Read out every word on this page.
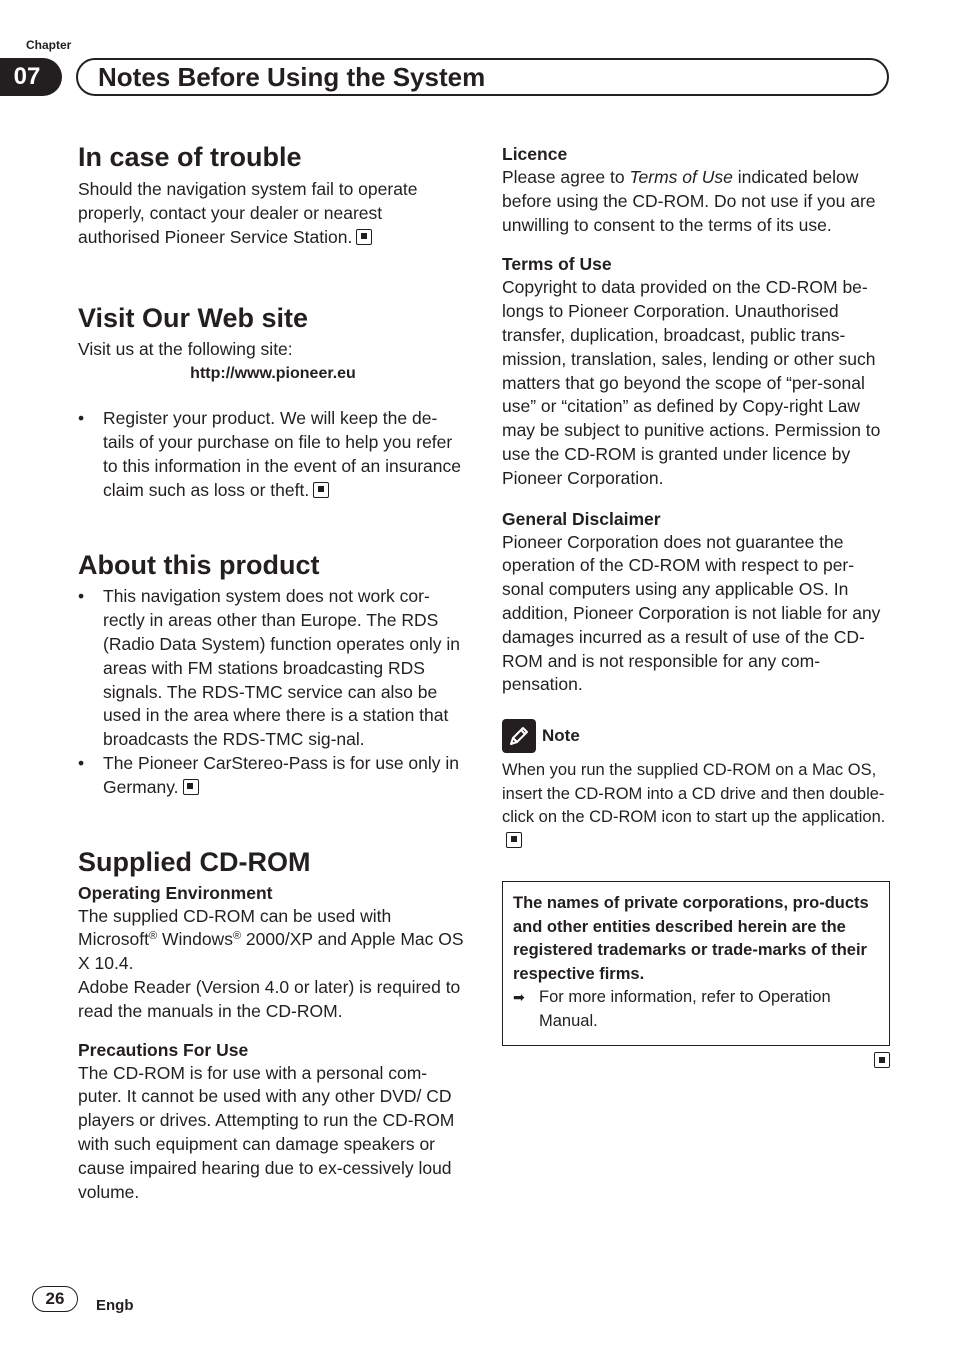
Chapter
07	Notes Before Using the System
In case of trouble

Should the navigation system fail to operate properly, contact your dealer or nearest authorised Pioneer Service Station.

Visit Our Web site

Visit us at the following site:

http://www.pioneer.eu
• Register your product. We will keep the de-tails of your purchase on file to help you refer to this information in the event of an insurance claim such as loss or theft.
About this product
• This navigation system does not work cor-rectly in areas other than Europe. The RDS (Radio Data System) function operates only in areas with FM stations broadcasting RDS signals. The RDS-TMC service can also be used in the area where there is a station that broadcasts the RDS-TMC sig-nal.
• The Pioneer CarStereo-Pass is for use only in Germany.
Supplied CD-ROM
Operating Environment

The supplied CD-ROM can be used with Microsoft® Windows® 2000/XP and Apple Mac OS X 10.4.

Adobe Reader (Version 4.0 or later) is required to read the manuals in the CD-ROM.

Precautions For Use

The CD-ROM is for use with a personal com-puter. It cannot be used with any other DVD/ CD players or drives. Attempting to run the CD-ROM with such equipment can damage speakers or cause impaired hearing due to ex-cessively loud volume.

Licence

Please agree to Terms of Use indicated below before using the CD-ROM. Do not use if you are unwilling to consent to the terms of its use.

Terms of Use

Copyright to data provided on the CD-ROM be-longs to Pioneer Corporation. Unauthorised transfer, duplication, broadcast, public trans-mission, translation, sales, lending or other such matters that go beyond the scope of “per-sonal use” or “citation” as defined by Copy-right Law may be subject to punitive actions. Permission to use the CD-ROM is granted under licence by Pioneer Corporation.

General Disclaimer

Pioneer Corporation does not guarantee the operation of the CD-ROM with respect to per-sonal computers using any applicable OS. In addition, Pioneer Corporation is not liable for any damages incurred as a result of use of the CD-ROM and is not responsible for any com-pensation.

Note

When you run the supplied CD-ROM on a Mac OS, insert the CD-ROM into a CD drive and then double-click on the CD-ROM icon to start up the application.

The names of private corporations, pro-ducts and other entities described herein are the registered trademarks or trade-marks of their respective firms.
➡ For more information, refer to Operation Manual.
26	Engb
